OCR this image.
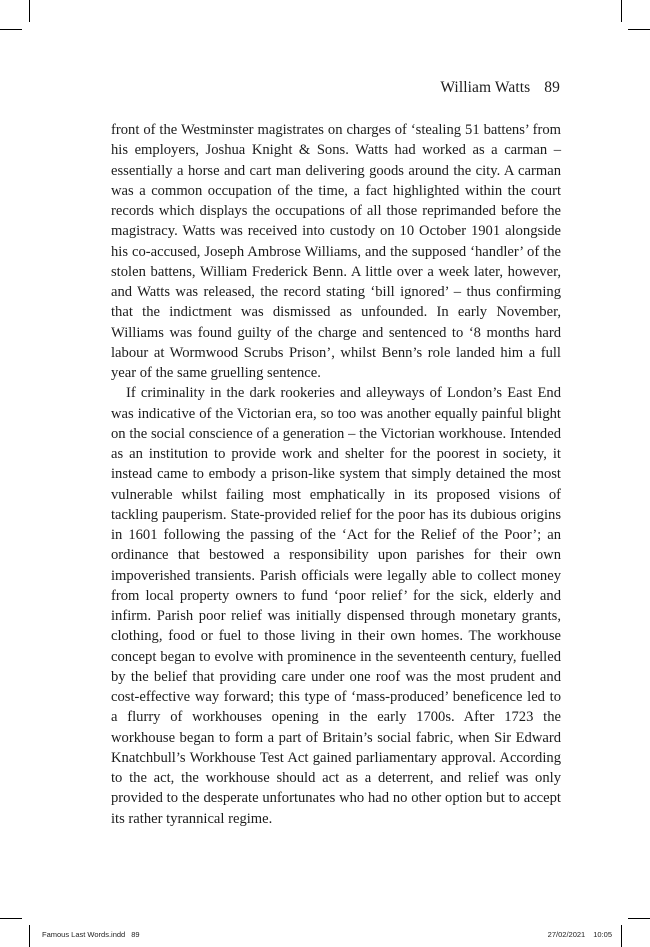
William Watts 89

front of the Westminster magistrates on charges of ‘stealing 51 battens’ from his employers, Joshua Knight & Sons. Watts had worked as a carman – essentially a horse and cart man delivering goods around the city. A carman was a common occupation of the time, a fact highlighted within the court records which displays the occupations of all those reprimanded before the magistracy. Watts was received into custody on 10 October 1901 alongside his co-accused, Joseph Ambrose Williams, and the supposed ‘handler’ of the stolen battens, William Frederick Benn. A little over a week later, however, and Watts was released, the record stating ‘bill ignored’ – thus confirming that the indictment was dismissed as unfounded. In early November, Williams was found guilty of the charge and sentenced to ‘8 months hard labour at Wormwood Scrubs Prison’, whilst Benn’s role landed him a full year of the same gruelling sentence.

If criminality in the dark rookeries and alleyways of London’s East End was indicative of the Victorian era, so too was another equally painful blight on the social conscience of a generation – the Victorian workhouse. Intended as an institution to provide work and shelter for the poorest in society, it instead came to embody a prison-like system that simply detained the most vulnerable whilst failing most emphatically in its proposed visions of tackling pauperism. State-provided relief for the poor has its dubious origins in 1601 following the passing of the ‘Act for the Relief of the Poor’; an ordinance that bestowed a responsibility upon parishes for their own impoverished transients. Parish officials were legally able to collect money from local property owners to fund ‘poor relief’ for the sick, elderly and infirm. Parish poor relief was initially dispensed through monetary grants, clothing, food or fuel to those living in their own homes. The workhouse concept began to evolve with prominence in the seventeenth century, fuelled by the belief that providing care under one roof was the most prudent and cost-effective way forward; this type of ‘mass-produced’ beneficence led to a flurry of workhouses opening in the early 1700s. After 1723 the workhouse began to form a part of Britain’s social fabric, when Sir Edward Knatchbull’s Workhouse Test Act gained parliamentary approval. According to the act, the workhouse should act as a deterrent, and relief was only provided to the desperate unfortunates who had no other option but to accept its rather tyrannical regime.

Famous Last Words.indd 89	27/02/2021 10:05
